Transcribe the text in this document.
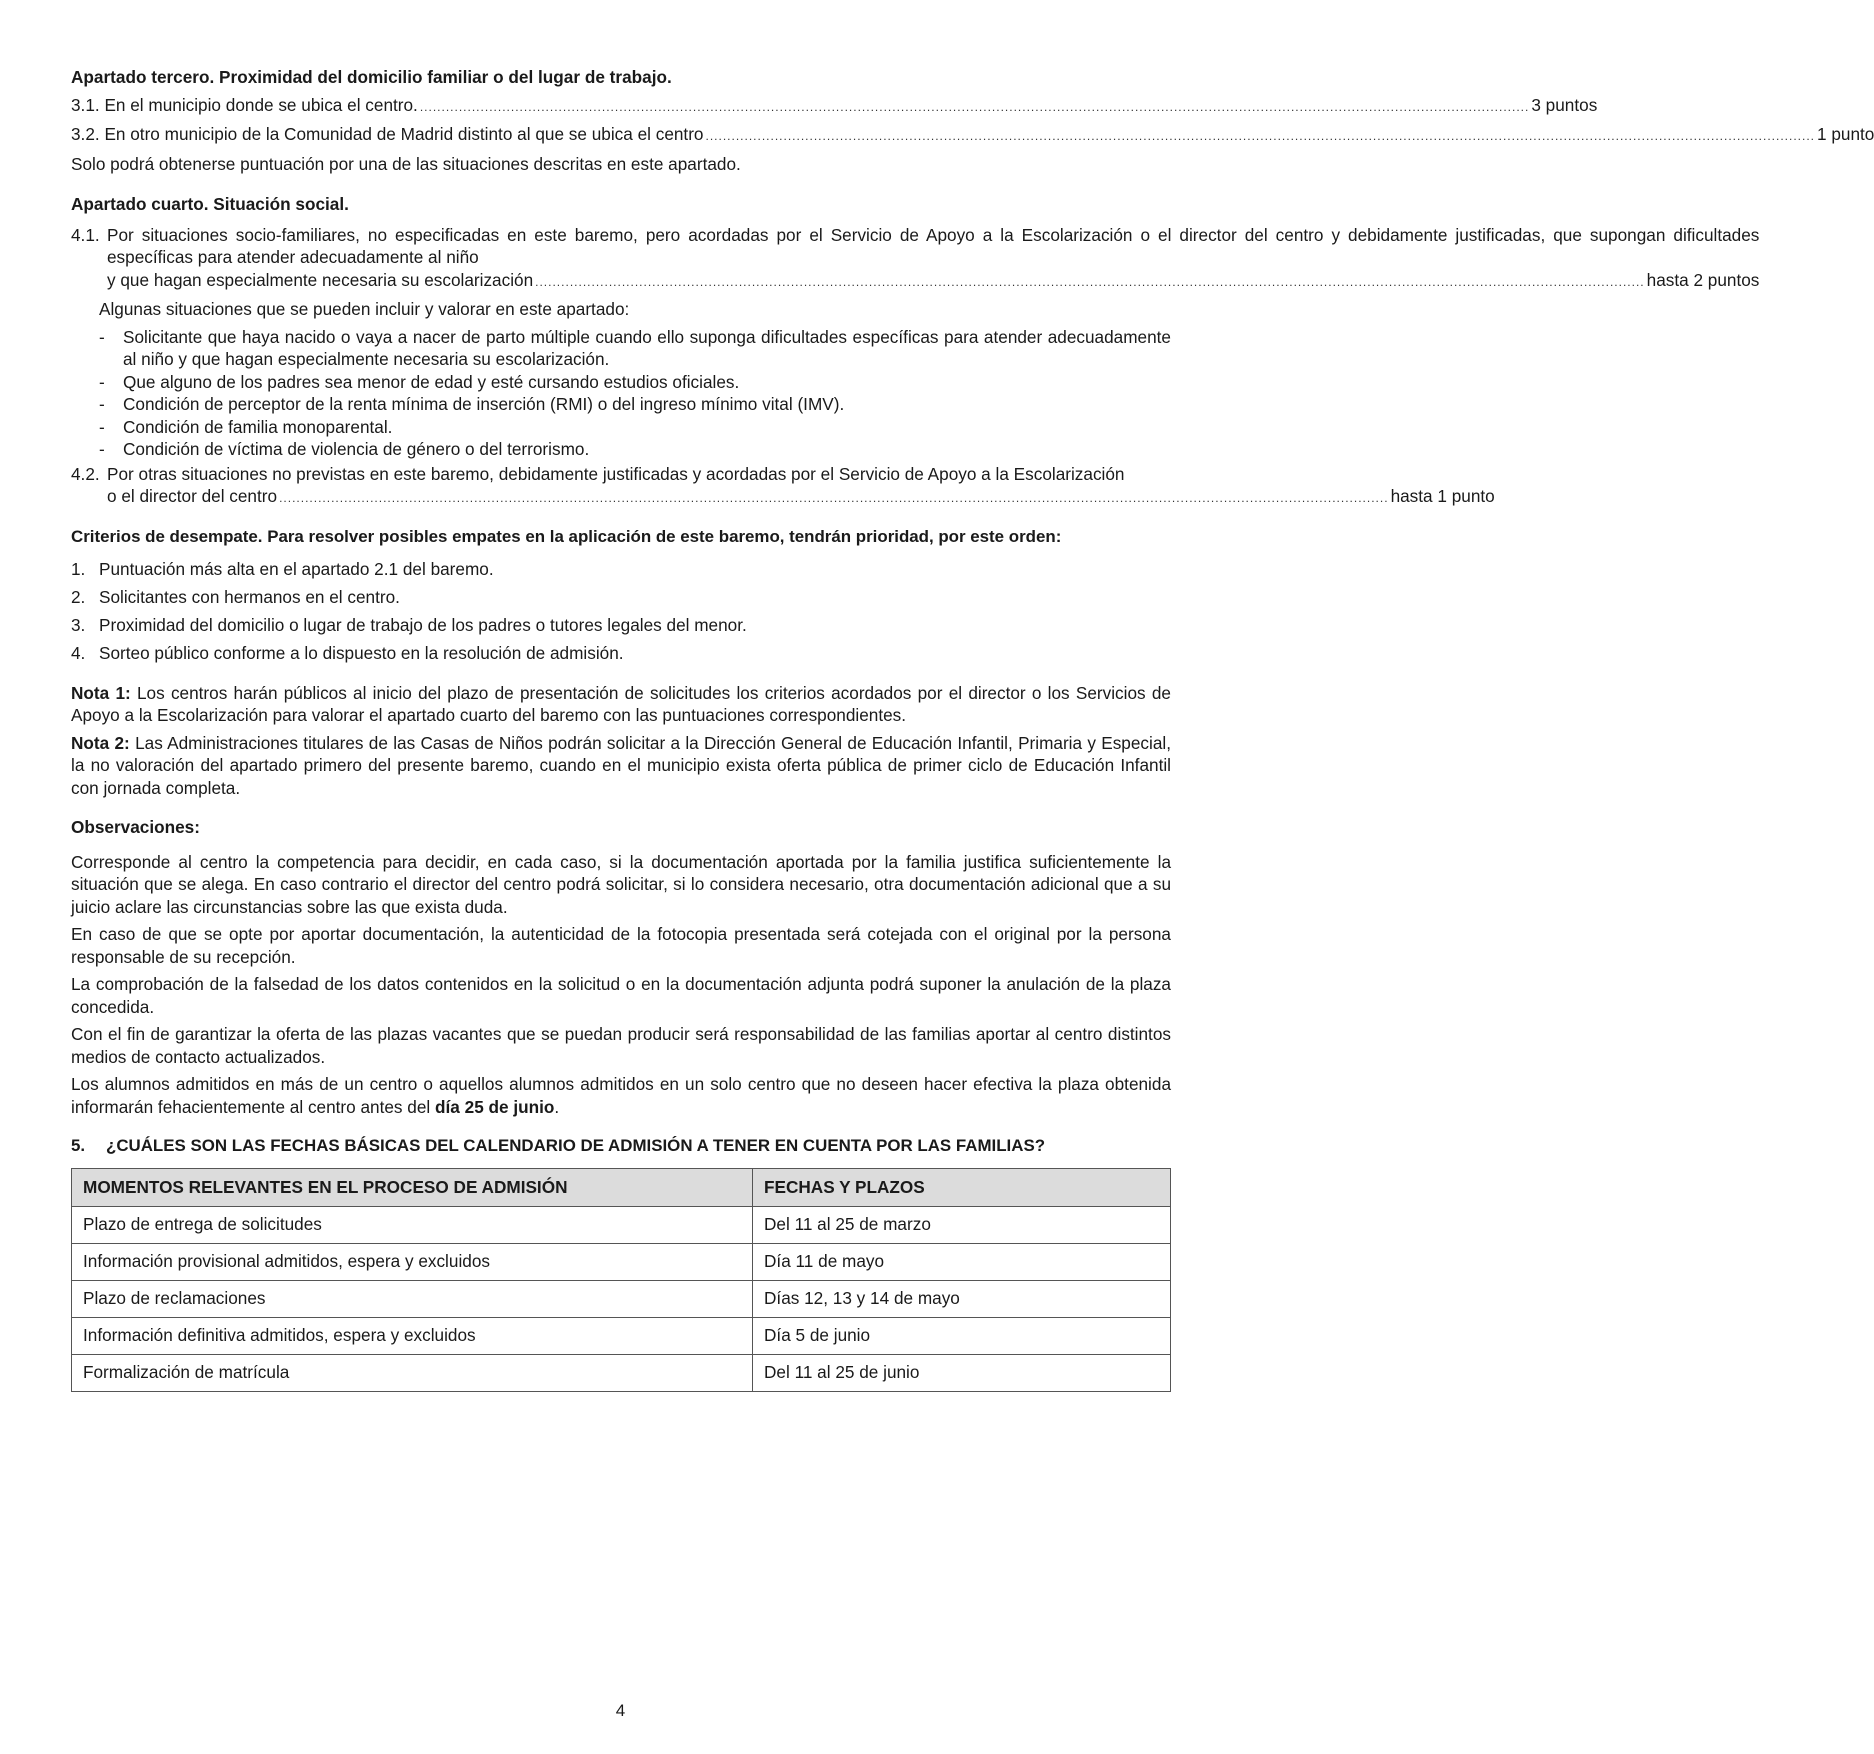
Apartado tercero. Proximidad del domicilio familiar o del lugar de trabajo.

3.1. En el municipio donde se ubica el centro. .....	3 puntos
3.2. En otro municipio de la Comunidad de Madrid distinto al que se ubica el centro .....	1 punto

Solo podrá obtenerse puntuación por una de las situaciones descritas en este apartado.

Apartado cuarto. Situación social.

4.1. Por situaciones socio-familiares, no especificadas en este baremo, pero acordadas por el Servicio de Apoyo a la Escolarización o el director del centro y debidamente justificadas, que supongan dificultades específicas para atender adecuadamente al niño
y que hagan especialmente necesaria su escolarización .....	hasta 2 puntos

Algunas situaciones que se pueden incluir y valorar en este apartado:

-	Solicitante que haya nacido o vaya a nacer de parto múltiple cuando ello suponga dificultades específicas para atender adecuadamente al niño y que hagan especialmente necesaria su escolarización.
-	Que alguno de los padres sea menor de edad y esté cursando estudios oficiales.
-	Condición de perceptor de la renta mínima de inserción (RMI) o del ingreso mínimo vital (IMV).
-	Condición de familia monoparental.
-	Condición de víctima de violencia de género o del terrorismo.
4.2. Por otras situaciones no previstas en este baremo, debidamente justificadas y acordadas por el Servicio de Apoyo a la Escolarización
o el director del centro .....	hasta 1 punto

Criterios de desempate. Para resolver posibles empates en la aplicación de este baremo, tendrán prioridad, por este orden:

1. Puntuación más alta en el apartado 2.1 del baremo.
2. Solicitantes con hermanos en el centro.
3. Proximidad del domicilio o lugar de trabajo de los padres o tutores legales del menor.
4. Sorteo público conforme a lo dispuesto en la resolución de admisión.

Nota 1: Los centros harán públicos al inicio del plazo de presentación de solicitudes los criterios acordados por el director o los Servicios de Apoyo a la Escolarización para valorar el apartado cuarto del baremo con las puntuaciones correspondientes.

Nota 2: Las Administraciones titulares de las Casas de Niños podrán solicitar a la Dirección General de Educación Infantil, Primaria y Especial, la no valoración del apartado primero del presente baremo, cuando en el municipio exista oferta pública de primer ciclo de Educación Infantil con jornada completa.

Observaciones:

Corresponde al centro la competencia para decidir, en cada caso, si la documentación aportada por la familia justifica suficientemente la situación que se alega. En caso contrario el director del centro podrá solicitar, si lo considera necesario, otra documentación adicional que a su juicio aclare las circunstancias sobre las que exista duda.

En caso de que se opte por aportar documentación, la autenticidad de la fotocopia presentada será cotejada con el original por la persona responsable de su recepción.

La comprobación de la falsedad de los datos contenidos en la solicitud o en la documentación adjunta podrá suponer la anulación de la plaza concedida.

Con el fin de garantizar la oferta de las plazas vacantes que se puedan producir será responsabilidad de las familias aportar al centro distintos medios de contacto actualizados.

Los alumnos admitidos en más de un centro o aquellos alumnos admitidos en un solo centro que no deseen hacer efectiva la plaza obtenida informarán fehacientemente al centro antes del día 25 de junio.

5.	¿CUÁLES SON LAS FECHAS BÁSICAS DEL CALENDARIO DE ADMISIÓN A TENER EN CUENTA POR LAS FAMILIAS?
MOMENTOS RELEVANTES EN EL PROCESO DE ADMISIÓN	FECHAS Y PLAZOS
Plazo de entrega de solicitudes	Del 11 al 25 de marzo
Información provisional admitidos, espera y excluidos	Día 11 de mayo
Plazo de reclamaciones	Días 12, 13 y 14 de mayo
Información definitiva admitidos, espera y excluidos	Día 5 de junio
Formalización de matrícula	Del 11 al 25 de junio
4
